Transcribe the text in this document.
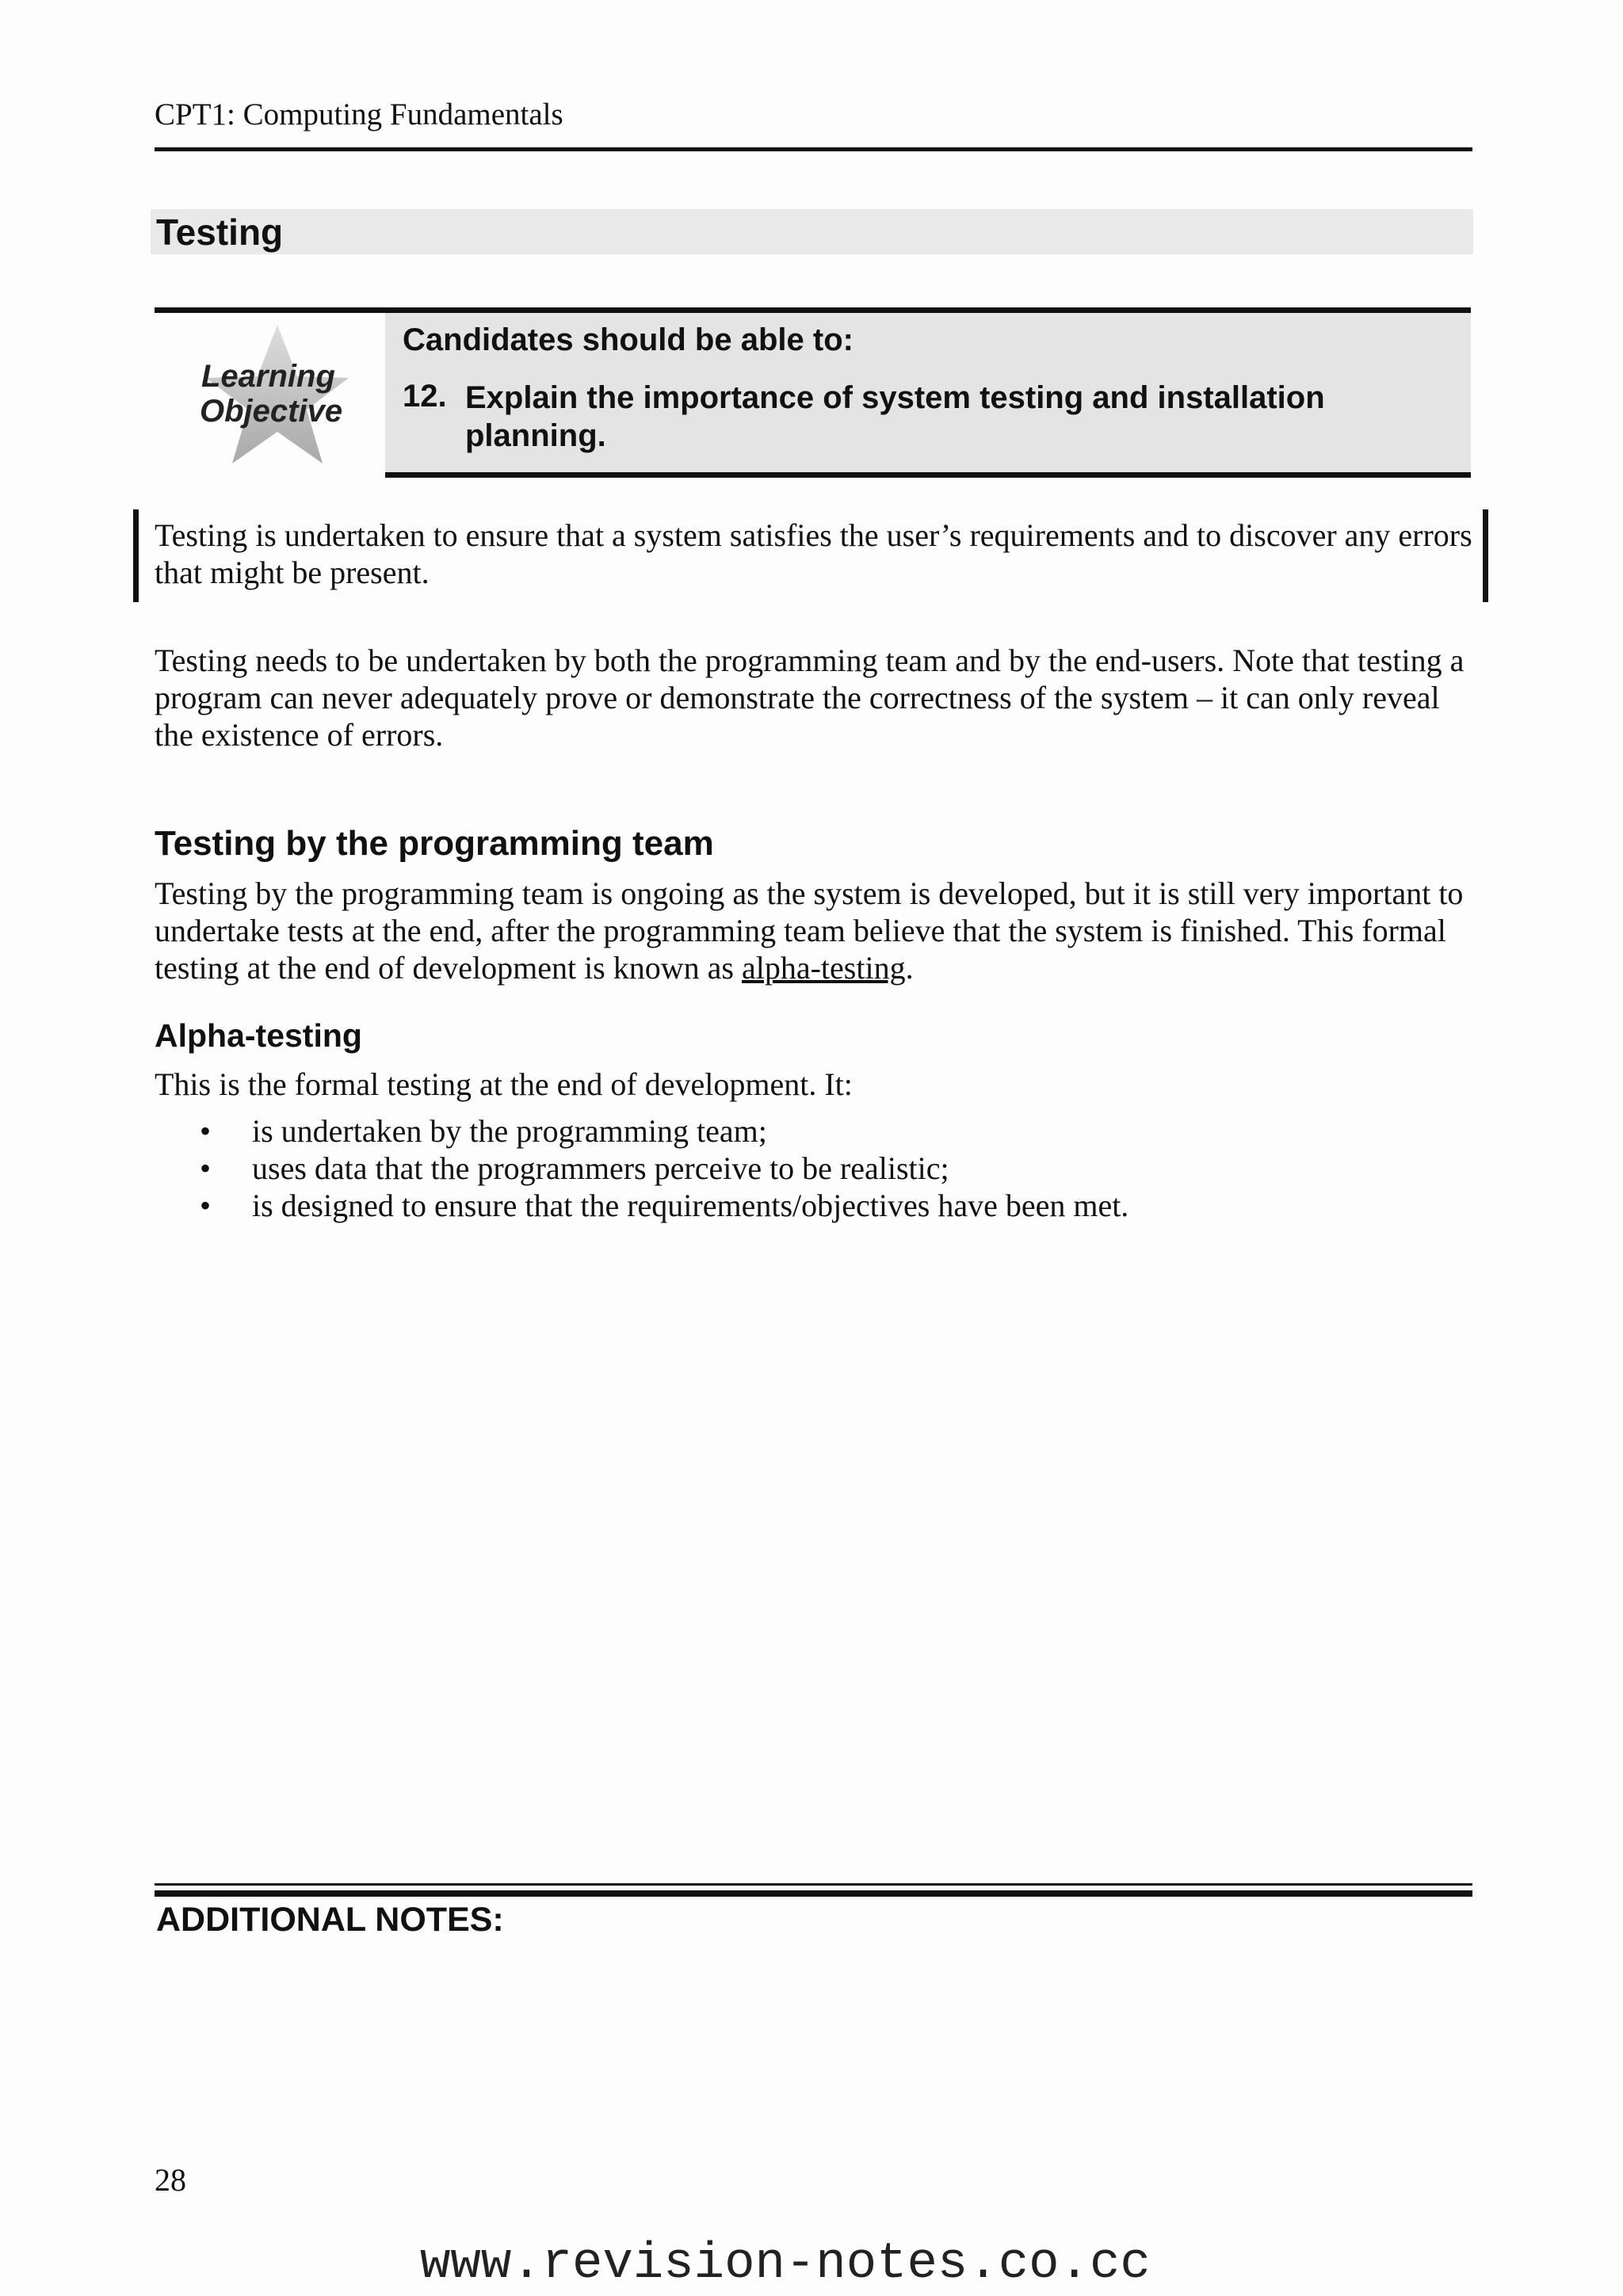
CPT1: Computing Fundamentals
Testing
Learning
Objective
Candidates should be able to:
12. Explain the importance of system testing and installation planning.
Testing is undertaken to ensure that a system satisfies the user’s requirements and to discover any errors that might be present.
Testing needs to be undertaken by both the programming team and by the end-users. Note that testing a program can never adequately prove or demonstrate the correctness of the system – it can only reveal the existence of errors.
Testing by the programming team
Testing by the programming team is ongoing as the system is developed, but it is still very important to undertake tests at the end, after the programming team believe that the system is finished. This formal testing at the end of development is known as alpha-testing.
Alpha-testing
This is the formal testing at the end of development. It:
• is undertaken by the programming team;
• uses data that the programmers perceive to be realistic;
• is designed to ensure that the requirements/objectives have been met.
ADDITIONAL NOTES:
28
www.revision-notes.co.cc
